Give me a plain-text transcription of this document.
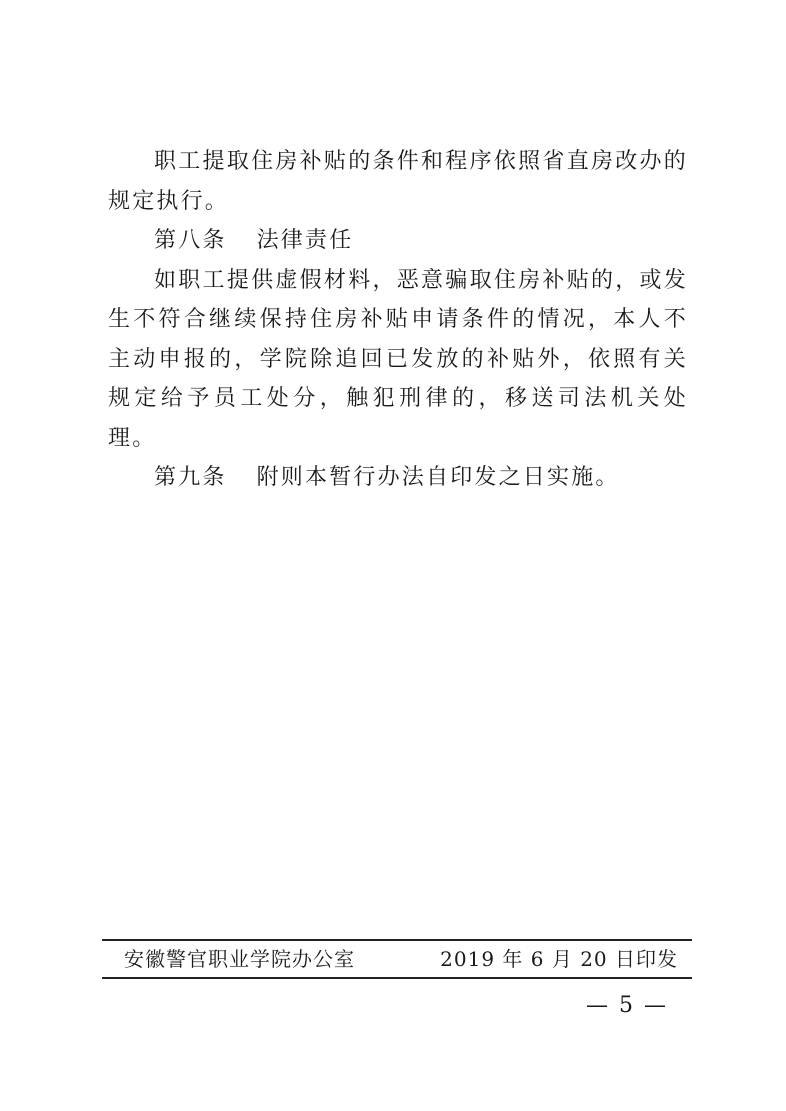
职工提取住房补贴的条件和程序依照省直房改办的规定执行。

第八条 法律责任

如职工提供虚假材料，恶意骗取住房补贴的，或发生不符合继续保持住房补贴申请条件的情况，本人不主动申报的，学院除追回已发放的补贴外，依照有关规定给予员工处分，触犯刑律的，移送司法机关处理。

第九条 附则本暂行办法自印发之日实施。

安徽警官职业学院办公室	2019 年 6 月 20 日印发
— 5 —
